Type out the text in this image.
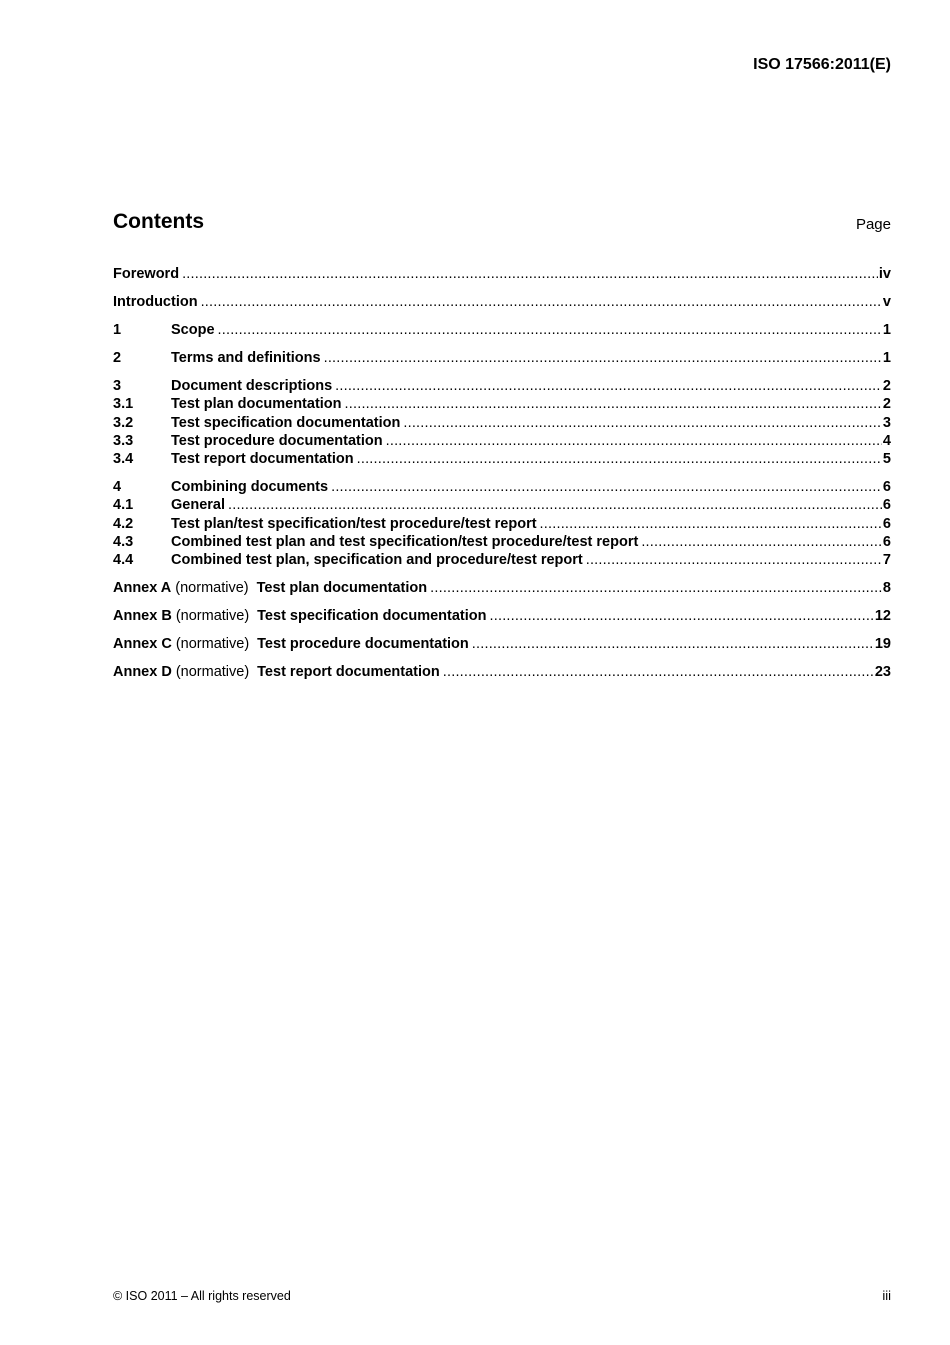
ISO 17566:2011(E)
Contents	Page
Foreword .....	iv
Introduction .....	v
1	Scope .....	1
2	Terms and definitions .....	1
3	Document descriptions .....	2
3.1	Test plan documentation .....	2
3.2	Test specification documentation .....	3
3.3	Test procedure documentation .....	4
3.4	Test report documentation .....	5
4	Combining documents .....	6
4.1	General .....	6
4.2	Test plan/test specification/test procedure/test report .....	6
4.3	Combined test plan and test specification/test procedure/test report .....	6
4.4	Combined test plan, specification and procedure/test report .....	7
Annex A (normative) Test plan documentation .....	8
Annex B (normative) Test specification documentation .....	12
Annex C (normative) Test procedure documentation .....	19
Annex D (normative) Test report documentation .....	23
© ISO 2011 – All rights reserved	iii
